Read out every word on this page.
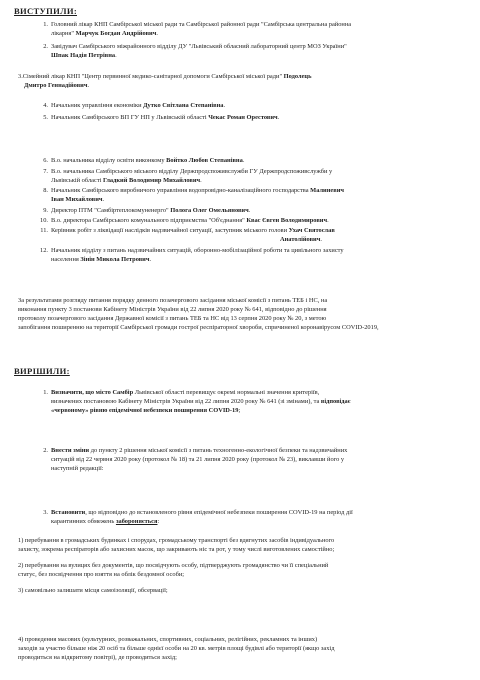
ВИСТУПИЛИ:
1. Головний лікар КНП Самбірської міської ради та Самбірської районної ради "Самбірська центральна районна
лікарня" Марчук Богдан Андрійович.
2. Завідувач Самбірського міжрайонного відділу ДУ "Львівський обласний лабораторний центр МОЗ України"
Шпак Надія Петрівна.
3.Сімейний лікар КНП "Центр первинної медико-санітарної допомоги Самбірської міської ради" Подолець
Дмитро Геннадійович.
4. Начальник управління економіки Дутко Світлана Степанівна.
5. Начальник Самбірського ВП ГУ НП у Львівській області Чекас Роман Орестович.
6. В.о. начальника відділу освіти виконкому Войтко Любов Степанівна.
7. В.о. начальника Самбірського міського відділу Держпродспоживслужби ГУ Держпродспоживслужби у
Львівській області Гладкий Володимир Михайлович.
8. Начальник Самбірського виробничого управління водопровідно-каналізаційного господарства Малиневич
Іван Михайлович.
9. Директор ПТМ "Самбіртеплокомуненерго" Полога Олег Омельянович.
10. В.о. директора Самбірського комунального підприємства "Об'єднання" Квас Євген Володимирович.
11. Керівник робіт з ліквідації наслідків надзвичайної ситуації, заступник міського голови Ухач Святослав
Анатолійович.
12. Начальник відділу з питань надзвичайних ситуацій, оборонно-мобілізаційної роботи та цивільного захисту
населення Зінін Микола Петрович.
За результатами розгляду питання порядку денного позачергового засідання міської комісії з питань ТЕБ і НС, на
виконання пункту 3 постанови Кабінету Міністрів України від 22 липня 2020 року № 641, відповідно до рішення
протоколу позачергового засідання Державної комісії з питань ТЕБ та НС від 13 серпня 2020 року № 20, з метою
запобігання поширенню на території Самбірської громади гострої респіраторної хвороби, спричиненої коронавірусом COVID-2019,
ВИРІШИЛИ:
1. Визначити, що місто Самбір Львівської області перевищує окремі нормальні значення критеріїв,
визначених постановою Кабінету Міністрів України від 22 липня 2020 року № 641 (зі змінами), та відповідає
«червоному» рівню епідемічної небезпеки поширення COVID-19;
2. Внести зміни до пункту 2 рішення міської комісії з питань техногенно-екологічної безпеки та надзвичайних
ситуацій від 22 червня 2020 року (протокол № 18) та 21 липня 2020 року (протокол № 23), виклавши його у
наступній редакції:
3. Встановити, що відповідно до встановленого рівня епідемічної небезпеки поширення COVID-19 на період дії
карантинних обмежень забороняється:
1) перебування в громадських будинках і спорудах, громадському транспорті без вдягнутих засобів індивідуального
захисту, зокрема респіраторів або захисних масок, що закривають ніс та рот, у тому числі виготовлених самостійно;
2) перебування на вулицях без документів, що посвідчують особу, підтверджують громадянство чи її спеціальний
статус, без посвідчення про взяття на облік бездомної особи;
3) самовільно залишати місця самоізоляції, обсервації;
4) проведення масових (культурних, розважальних, спортивних, соціальних, релігійних, рекламних та інших)
заходів за участю більше ніж 20 осіб та більше однієї особи на 20 кв. метрів площі будівлі або території (якщо захід
проводиться на відкритому повітрі), де проводиться захід;
